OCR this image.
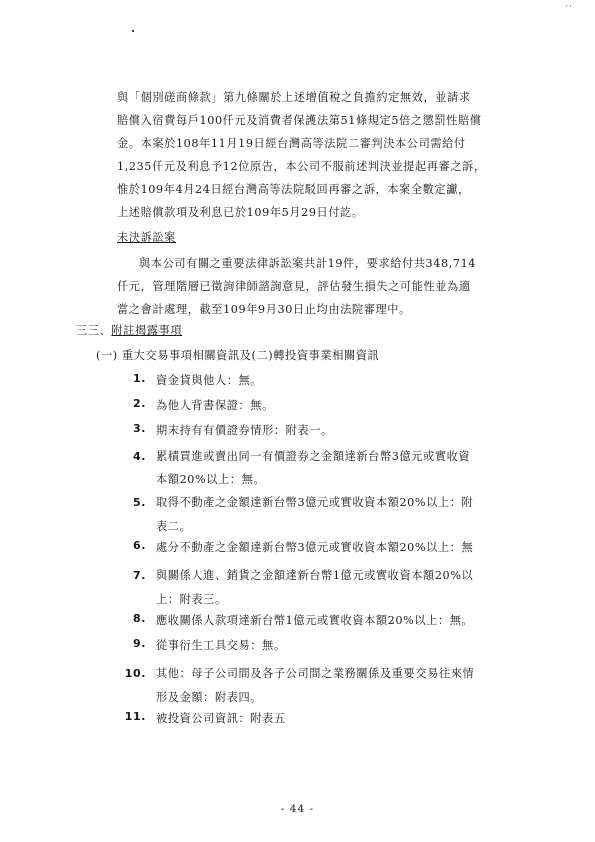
··
與「個別磋商條款」第九條關於上述增值稅之負擔約定無效，並請求
賠償入宿費每戶100仟元及消費者保護法第51條規定5倍之懲罰性賠償
金。本案於108年11月19日經台灣高等法院二審判決本公司需給付
1,235仟元及利息予12位原告，本公司不服前述判決並提起再審之訴，
惟於109年4月24日經台灣高等法院駁回再審之訴，本案全數定讞，
上述賠償款項及利息已於109年5月29日付訖。
未決訴訟案
與本公司有關之重要法律訴訟案共計19件，要求給付共348,714
仟元，管理階層已徵詢律師諮詢意見，評估發生損失之可能性並為適
當之會計處理，截至109年9月30日止均由法院審理中。
三三、附註揭露事項
(一) 重大交易事項相關資訊及(二)轉投資事業相關資訊
1. 資金貸與他人：無。
2. 為他人背書保證：無。
3. 期末持有有價證券情形：附表一。
4. 累積買進或賣出同一有價證券之金額達新台幣3億元或實收資
本額20%以上：無。
5. 取得不動產之金額達新台幣3億元或實收資本額20%以上：附
表二。
6. 處分不動產之金額達新台幣3億元或實收資本額20%以上：無
7. 與關係人進、銷貨之金額達新台幣1億元或實收資本額20%以
上：附表三。
8. 應收關係人款項達新台幣1億元或實收資本額20%以上：無。
9. 從事衍生工具交易：無。
10. 其他：母子公司間及各子公司間之業務關係及重要交易往來情
形及金額：附表四。
11. 被投資公司資訊：附表五
- 44 -
